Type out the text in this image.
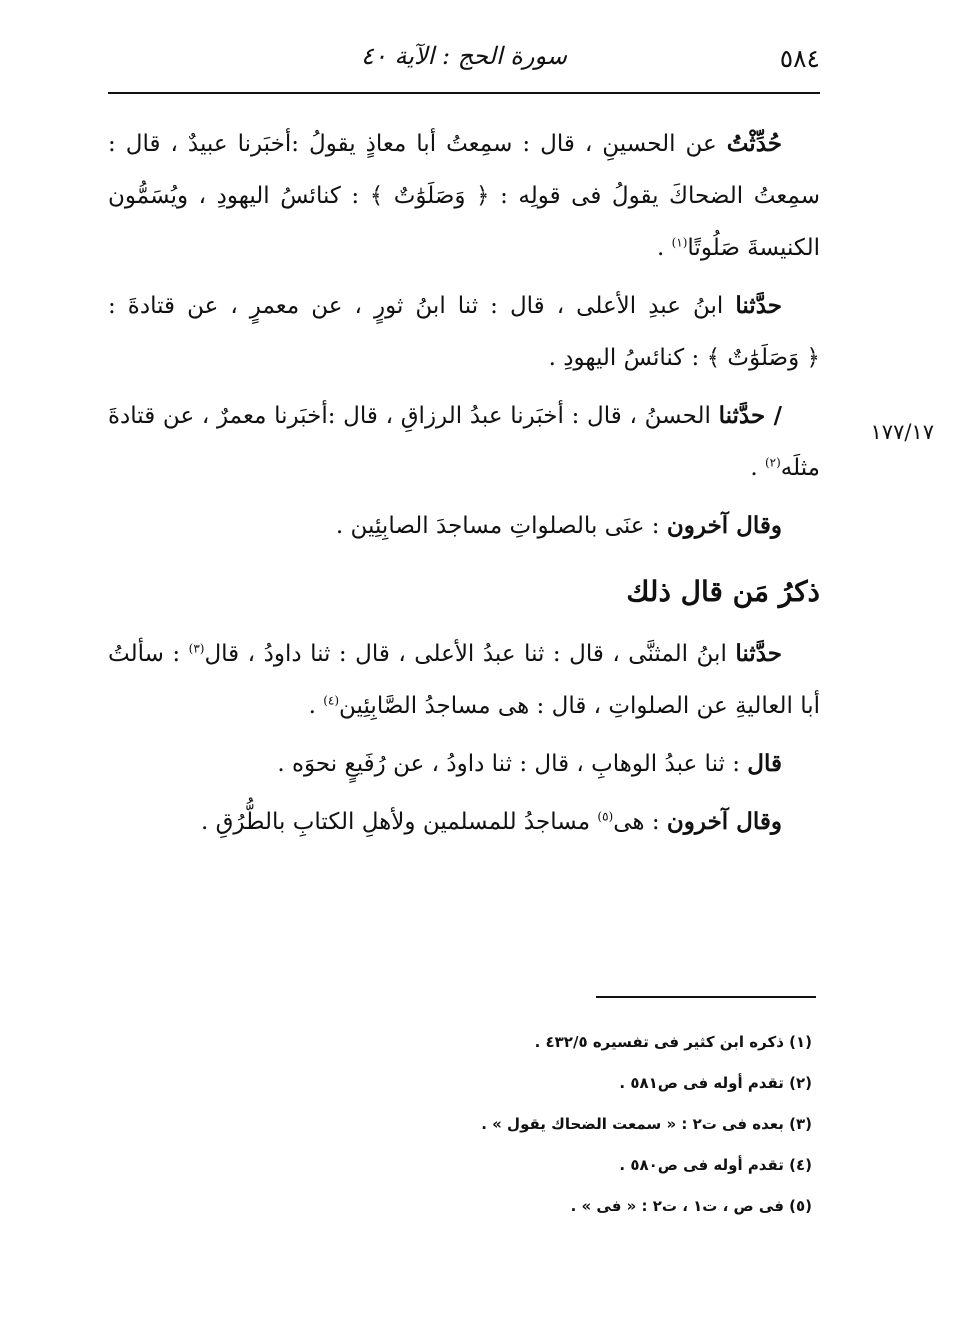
٥٨٤
سورة الحج : الآية ٤٠
١٧٧/١٧

حُدِّثْتُ عن الحسينِ ، قال : سمِعتُ أبا معاذٍ يقولُ :أخبَرنا عبيدٌ ، قال : سمِعتُ الضحاكَ يقولُ فى قولِه : ﴿ وَصَلَوَٰتٌ ﴾ : كنائسُ اليهودِ ، ويُسَمُّون الكنيسةَ صَلُوتًا$^{(١)}$ .

حدَّثنا ابنُ عبدِ الأعلى ، قال : ثنا ابنُ ثورٍ ، عن معمرٍ ، عن قتادةَ : ﴿ وَصَلَوَٰتٌ ﴾ : كنائسُ اليهودِ .

/ حدَّثنا الحسنُ ، قال : أخبَرنا عبدُ الرزاقِ ، قال :أخبَرنا معمرٌ ، عن قتادةَ مثلَه$^{(٢)}$ .

وقال آخرون : عنَى بالصلواتِ مساجدَ الصابِئِين .

ذكرُ مَن قال ذلك

حدَّثنا ابنُ المثنَّى ، قال : ثنا عبدُ الأعلى ، قال : ثنا داودُ ، قال$^{(٣)}$ : سألتُ أبا العاليةِ عن الصلواتِ ، قال : هى مساجدُ الصَّابِئِين$^{(٤)}$ .

قال : ثنا عبدُ الوهابِ ، قال : ثنا داودُ ، عن رُفَيعٍ نحوَه .

وقال آخرون : هى$^{(٥)}$ مساجدُ للمسلمين ولأهلِ الكتابِ بالطُّرُقِ .

(١) ذكره ابن كثير فى تفسيره ٤٣٢/٥ .
(٢) تقدم أوله فى ص٥٨١ .
(٣) بعده فى ت٢ : « سمعت الضحاك يقول » .
(٤) تقدم أوله فى ص٥٨٠ .
(٥) فى ص ، ت١ ، ت٢ : « فى » .
